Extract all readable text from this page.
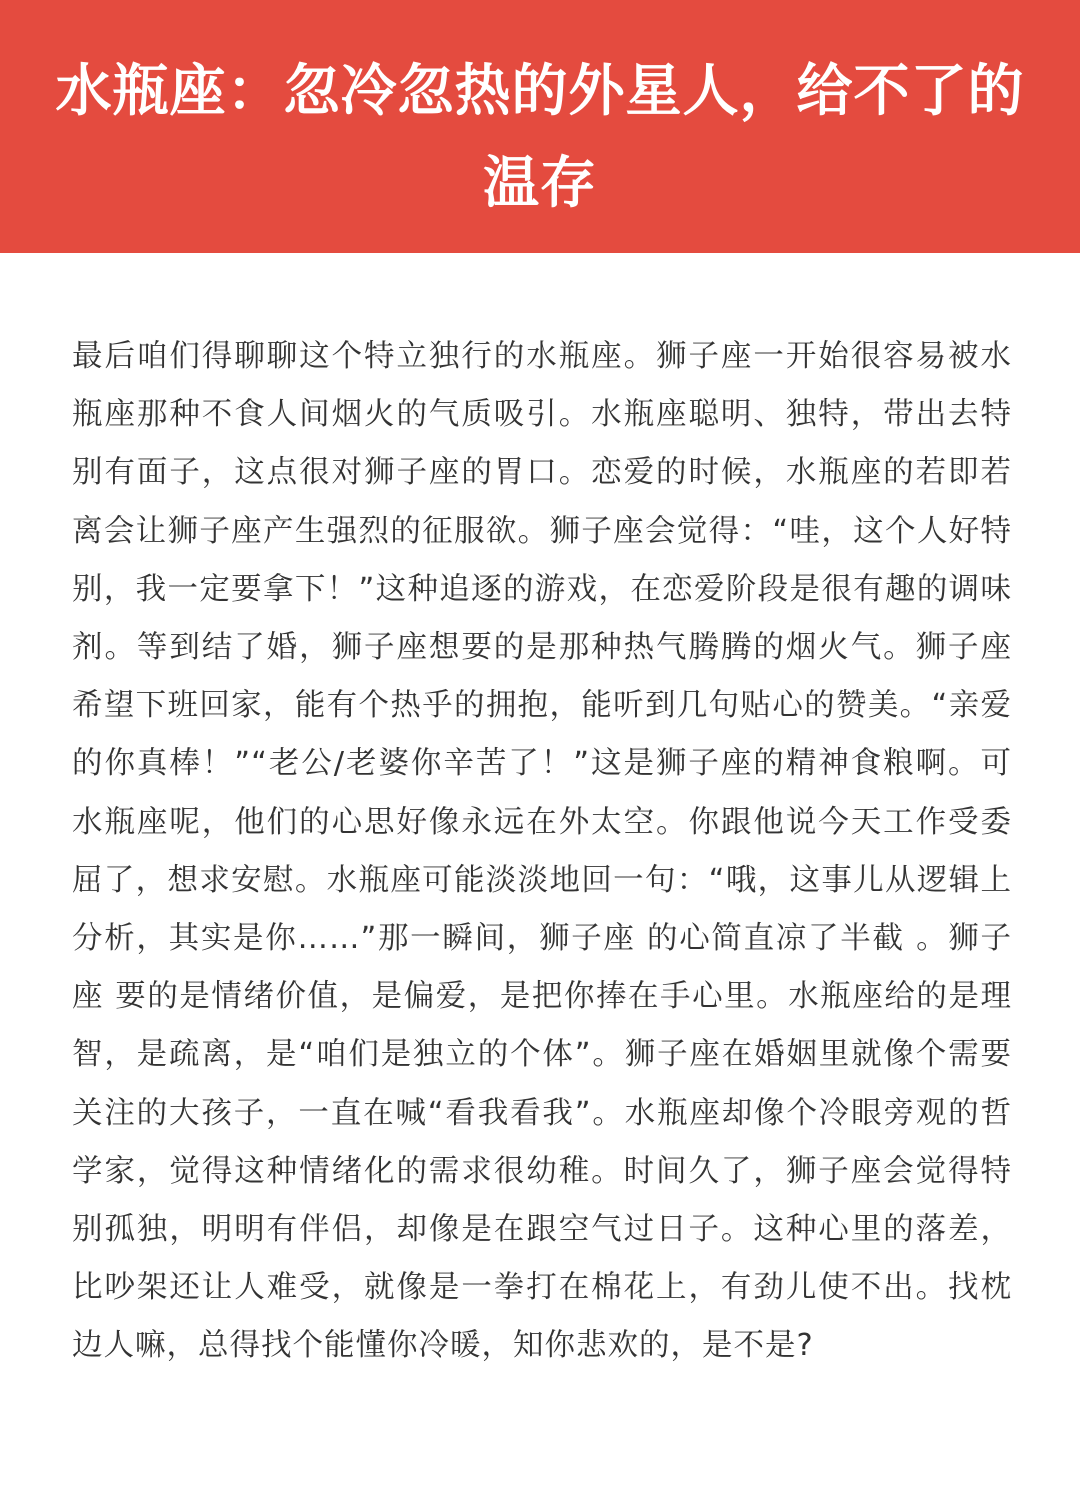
水瓶座：忽冷忽热的外星人，给不了的温存

最后咱们得聊聊这个特立独行的水瓶座。狮子座一开始很容易被水瓶座那种不食人间烟火的气质吸引。水瓶座聪明、独特，带出去特别有面子，这点很对狮子座的胃口。恋爱的时候，水瓶座的若即若离会让狮子座产生强烈的征服欲。狮子座会觉得：“哇，这个人好特别，我一定要拿下！”这种追逐的游戏，在恋爱阶段是很有趣的调味剂。等到结了婚，狮子座想要的是那种热气腾腾的烟火气。狮子座希望下班回家，能有个热乎的拥抱，能听到几句贴心的赞美。“亲爱的你真棒！”“老公/老婆你辛苦了！”这是狮子座的精神食粮啊。可水瓶座呢，他们的心思好像永远在外太空。你跟他说今天工作受委屈了，想求安慰。水瓶座可能淡淡地回一句：“哦，这事儿从逻辑上分析，其实是你……”那一瞬间，狮子座 的心简直凉了半截 。狮子座 要的是情绪价值，是偏爱，是把你捧在手心里。水瓶座给的是理智，是疏离，是“咱们是独立的个体”。狮子座在婚姻里就像个需要关注的大孩子，一直在喊“看我看我”。水瓶座却像个冷眼旁观的哲学家，觉得这种情绪化的需求很幼稚。时间久了，狮子座会觉得特别孤独，明明有伴侣，却像是在跟空气过日子。这种心里的落差，比吵架还让人难受，就像是一拳打在棉花上，有劲儿使不出。找枕边人嘛，总得找个能懂你冷暖，知你悲欢的，是不是?
